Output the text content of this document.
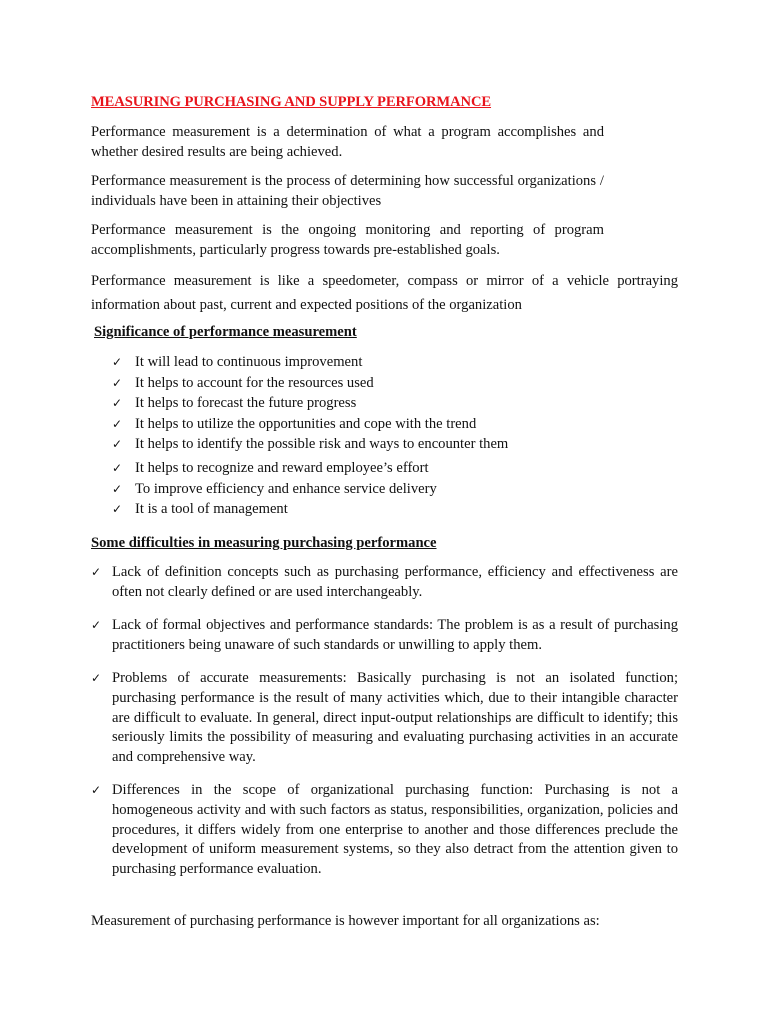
MEASURING PURCHASING AND SUPPLY PERFORMANCE

Performance measurement is a determination of what a program accomplishes and whether desired results are being achieved.

Performance measurement is the process of determining how successful organizations / individuals have been in attaining their objectives

Performance measurement is the ongoing monitoring and reporting of program accomplishments, particularly progress towards pre-established goals.

Performance measurement is like a speedometer, compass or mirror of a vehicle portraying information about past, current and expected positions of the organization

Significance of performance measurement
✓ It will lead to continuous improvement
✓ It helps to account for the resources used
✓ It helps to forecast the future progress
✓ It helps to utilize the opportunities and cope with the trend
✓ It helps to identify the possible risk and ways to encounter them
✓ It helps to recognize and reward employee’s effort
✓ To improve efficiency and enhance service delivery
✓ It is a tool of management
Some difficulties in measuring purchasing performance
✓ Lack of definition concepts such as purchasing performance, efficiency and effectiveness are often not clearly defined or are used interchangeably.
✓ Lack of formal objectives and performance standards: The problem is as a result of purchasing practitioners being unaware of such standards or unwilling to apply them.
✓ Problems of accurate measurements: Basically purchasing is not an isolated function; purchasing performance is the result of many activities which, due to their intangible character are difficult to evaluate. In general, direct input-output relationships are difficult to identify; this seriously limits the possibility of measuring and evaluating purchasing activities in an accurate and comprehensive way.
✓ Differences in the scope of organizational purchasing function: Purchasing is not a homogeneous activity and with such factors as status, responsibilities, organization, policies and procedures, it differs widely from one enterprise to another and those differences preclude the development of uniform measurement systems, so they also detract from the attention given to purchasing performance evaluation.

Measurement of purchasing performance is however important for all organizations as:
